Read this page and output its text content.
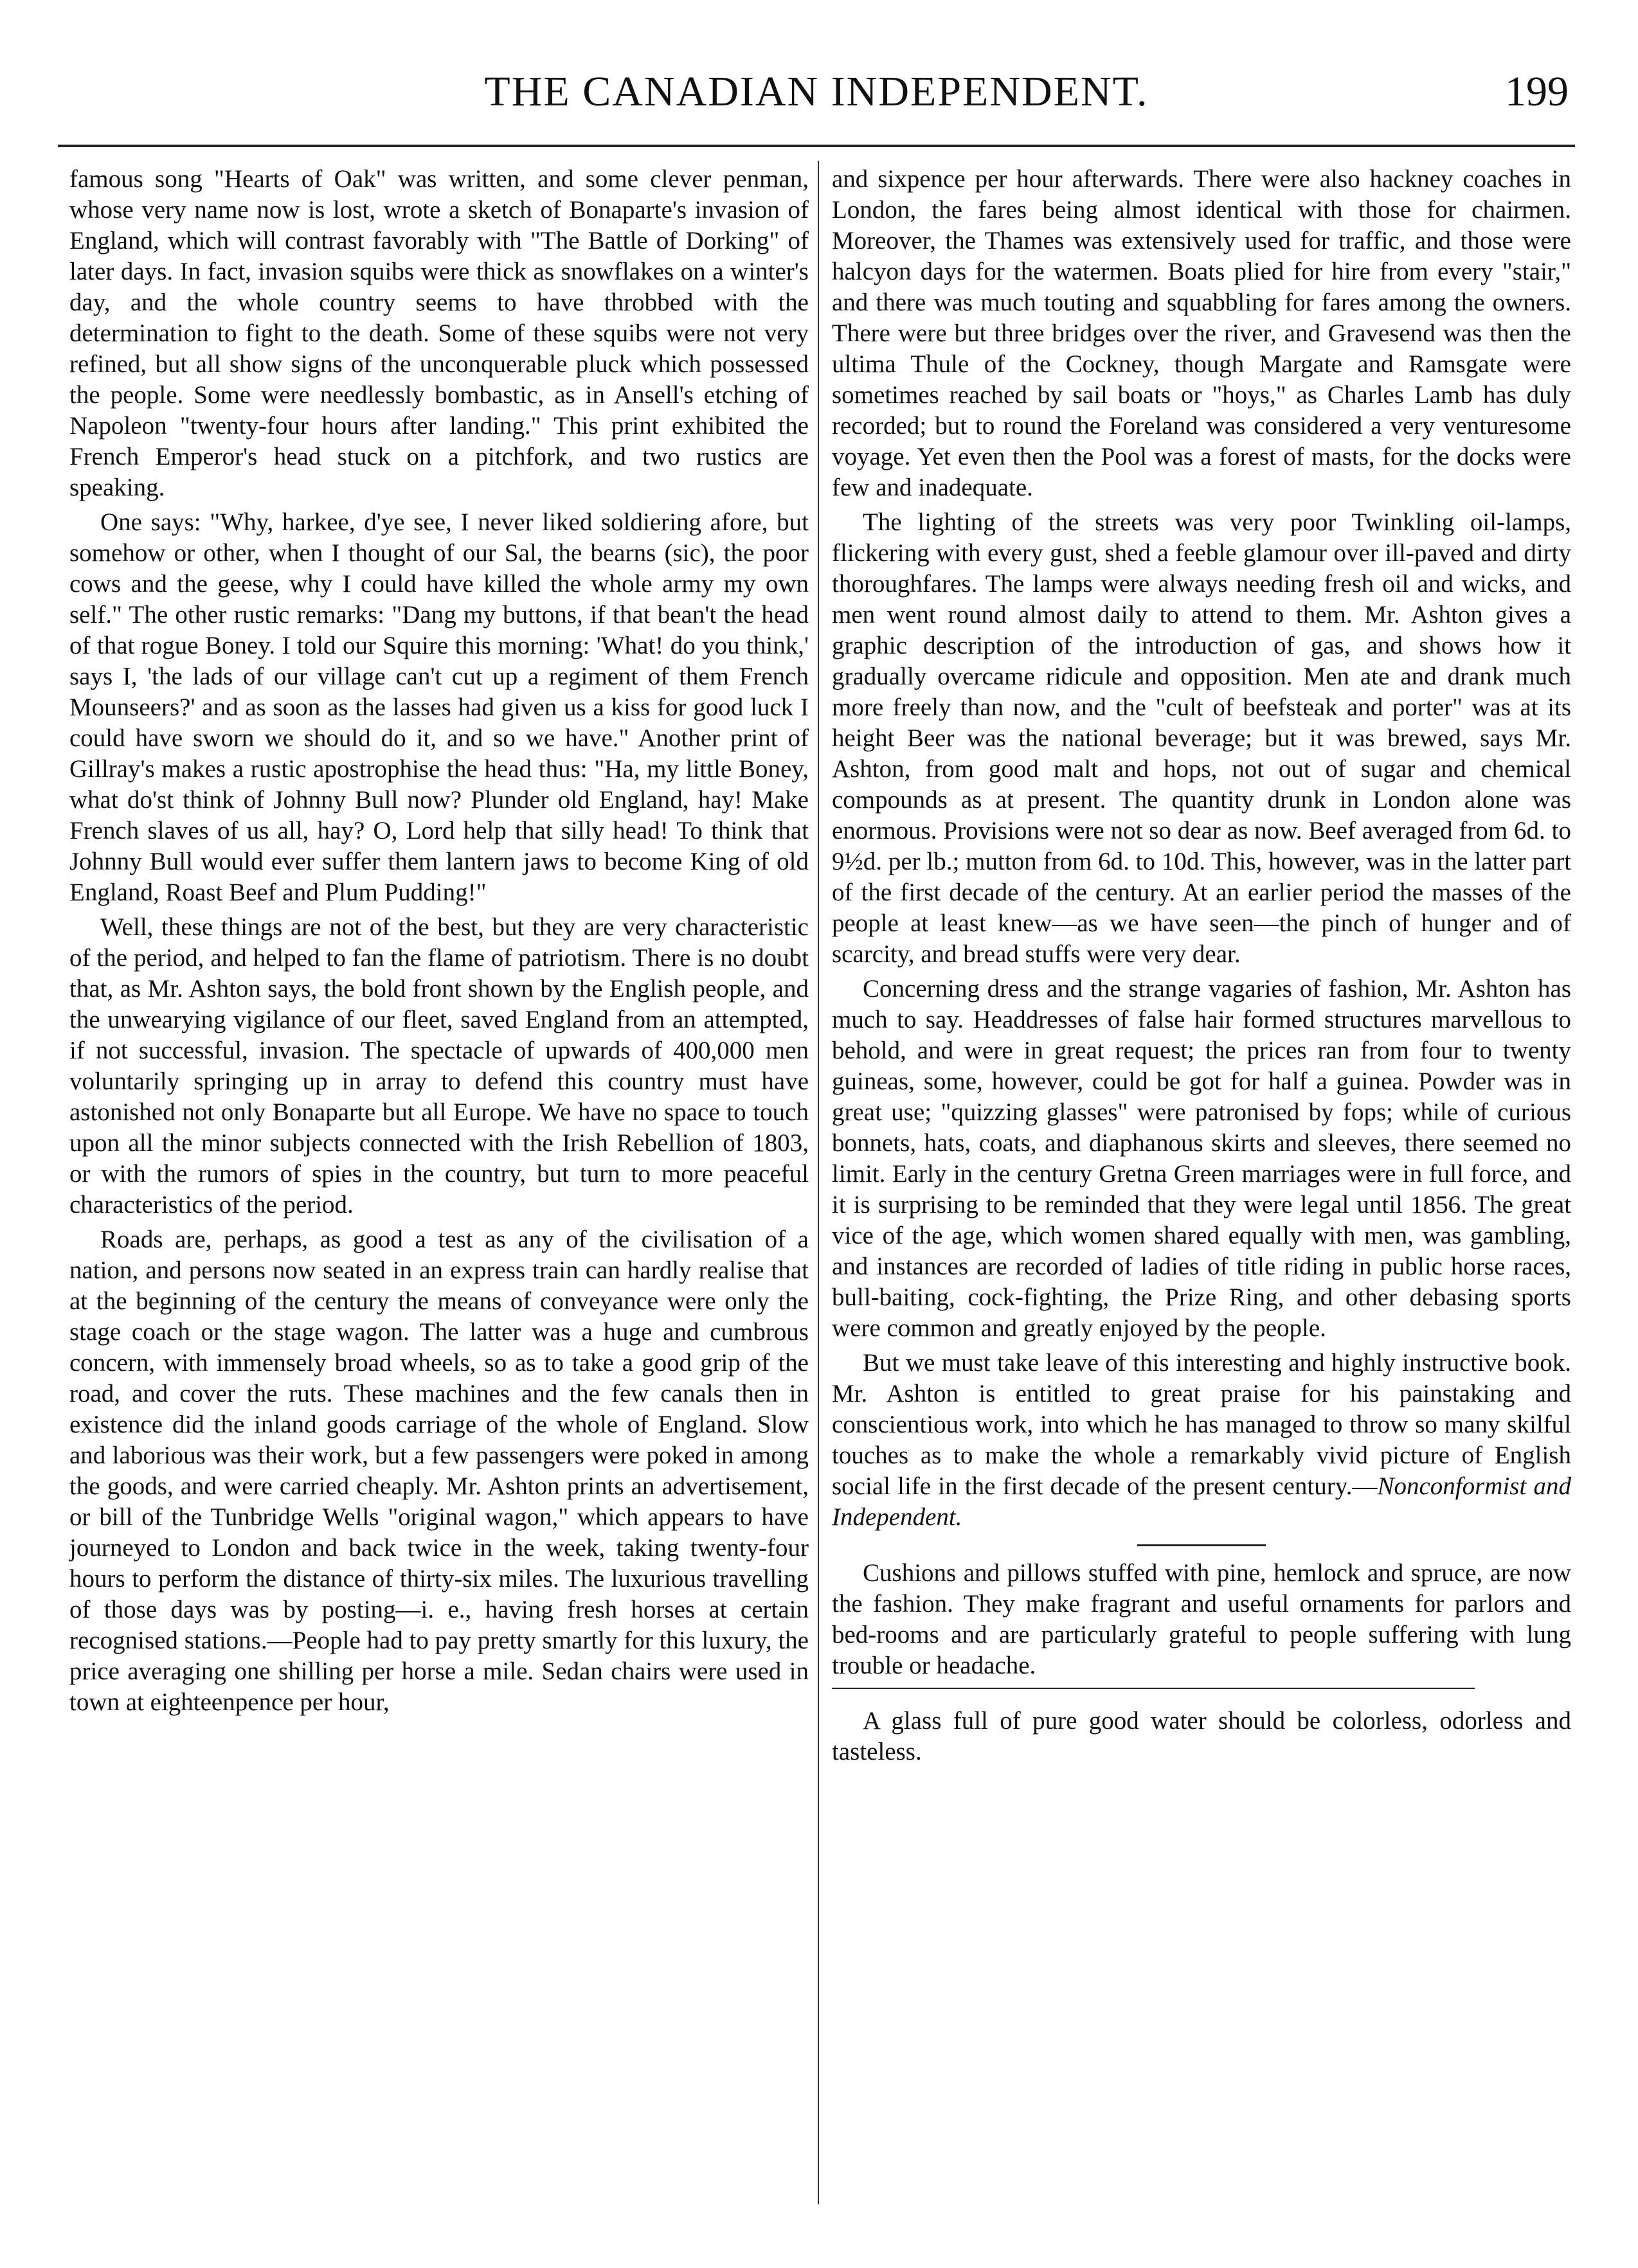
THE CANADIAN INDEPENDENT.	199

famous song "Hearts of Oak" was written, and some clever penman, whose very name now is lost, wrote a sketch of Bonaparte's invasion of England, which will contrast favorably with "The Battle of Dorking" of later days. In fact, invasion squibs were thick as snowflakes on a winter's day, and the whole country seems to have throbbed with the determination to fight to the death. Some of these squibs were not very refined, but all show signs of the unconquerable pluck which possessed the people. Some were needlessly bombastic, as in Ansell's etching of Napoleon "twenty-four hours after landing." This print exhibited the French Emperor's head stuck on a pitchfork, and two rustics are speaking.

One says: "Why, harkee, d'ye see, I never liked soldiering afore, but somehow or other, when I thought of our Sal, the bearns (sic), the poor cows and the geese, why I could have killed the whole army my own self." The other rustic remarks: "Dang my buttons, if that bean't the head of that rogue Boney. I told our Squire this morning: 'What! do you think,' says I, 'the lads of our village can't cut up a regiment of them French Mounseers?' and as soon as the lasses had given us a kiss for good luck I could have sworn we should do it, and so we have." Another print of Gillray's makes a rustic apostrophise the head thus: "Ha, my little Boney, what do'st think of Johnny Bull now? Plunder old England, hay! Make French slaves of us all, hay? O, Lord help that silly head! To think that Johnny Bull would ever suffer them lantern jaws to become King of old England, Roast Beef and Plum Pudding!"

Well, these things are not of the best, but they are very characteristic of the period, and helped to fan the flame of patriotism. There is no doubt that, as Mr. Ashton says, the bold front shown by the English people, and the unwearying vigilance of our fleet, saved England from an attempted, if not successful, invasion. The spectacle of upwards of 400,000 men voluntarily springing up in array to defend this country must have astonished not only Bonaparte but all Europe. We have no space to touch upon all the minor subjects connected with the Irish Rebellion of 1803, or with the rumors of spies in the country, but turn to more peaceful characteristics of the period.

Roads are, perhaps, as good a test as any of the civilisation of a nation, and persons now seated in an express train can hardly realise that at the beginning of the century the means of conveyance were only the stage coach or the stage wagon. The latter was a huge and cumbrous concern, with immensely broad wheels, so as to take a good grip of the road, and cover the ruts. These machines and the few canals then in existence did the inland goods carriage of the whole of England. Slow and laborious was their work, but a few passengers were poked in among the goods, and were carried cheaply. Mr. Ashton prints an advertisement, or bill of the Tunbridge Wells "original wagon," which appears to have journeyed to London and back twice in the week, taking twenty-four hours to perform the distance of thirty-six miles. The luxurious travelling of those days was by posting—i. e., having fresh horses at certain recognised stations.—People had to pay pretty smartly for this luxury, the price averaging one shilling per horse a mile. Sedan chairs were used in town at eighteenpence per hour,

and sixpence per hour afterwards. There were also hackney coaches in London, the fares being almost identical with those for chairmen. Moreover, the Thames was extensively used for traffic, and those were halcyon days for the watermen. Boats plied for hire from every "stair," and there was much touting and squabbling for fares among the owners. There were but three bridges over the river, and Gravesend was then the ultima Thule of the Cockney, though Margate and Ramsgate were sometimes reached by sail boats or "hoys," as Charles Lamb has duly recorded; but to round the Foreland was considered a very venturesome voyage. Yet even then the Pool was a forest of masts, for the docks were few and inadequate.

The lighting of the streets was very poor Twinkling oil-lamps, flickering with every gust, shed a feeble glamour over ill-paved and dirty thoroughfares. The lamps were always needing fresh oil and wicks, and men went round almost daily to attend to them. Mr. Ashton gives a graphic description of the introduction of gas, and shows how it gradually overcame ridicule and opposition. Men ate and drank much more freely than now, and the "cult of beefsteak and porter" was at its height Beer was the national beverage; but it was brewed, says Mr. Ashton, from good malt and hops, not out of sugar and chemical compounds as at present. The quantity drunk in London alone was enormous. Provisions were not so dear as now. Beef averaged from 6d. to 9½d. per lb.; mutton from 6d. to 10d. This, however, was in the latter part of the first decade of the century. At an earlier period the masses of the people at least knew—as we have seen—the pinch of hunger and of scarcity, and bread stuffs were very dear.

Concerning dress and the strange vagaries of fashion, Mr. Ashton has much to say. Headdresses of false hair formed structures marvellous to behold, and were in great request; the prices ran from four to twenty guineas, some, however, could be got for half a guinea. Powder was in great use; "quizzing glasses" were patronised by fops; while of curious bonnets, hats, coats, and diaphanous skirts and sleeves, there seemed no limit. Early in the century Gretna Green marriages were in full force, and it is surprising to be reminded that they were legal until 1856. The great vice of the age, which women shared equally with men, was gambling, and instances are recorded of ladies of title riding in public horse races, bull-baiting, cock-fighting, the Prize Ring, and other debasing sports were common and greatly enjoyed by the people.

But we must take leave of this interesting and highly instructive book. Mr. Ashton is entitled to great praise for his painstaking and conscientious work, into which he has managed to throw so many skilful touches as to make the whole a remarkably vivid picture of English social life in the first decade of the present century.—Nonconformist and Independent.

Cushions and pillows stuffed with pine, hemlock and spruce, are now the fashion. They make fragrant and useful ornaments for parlors and bed-rooms and are particularly grateful to people suffering with lung trouble or headache.

A glass full of pure good water should be colorless, odorless and tasteless.
